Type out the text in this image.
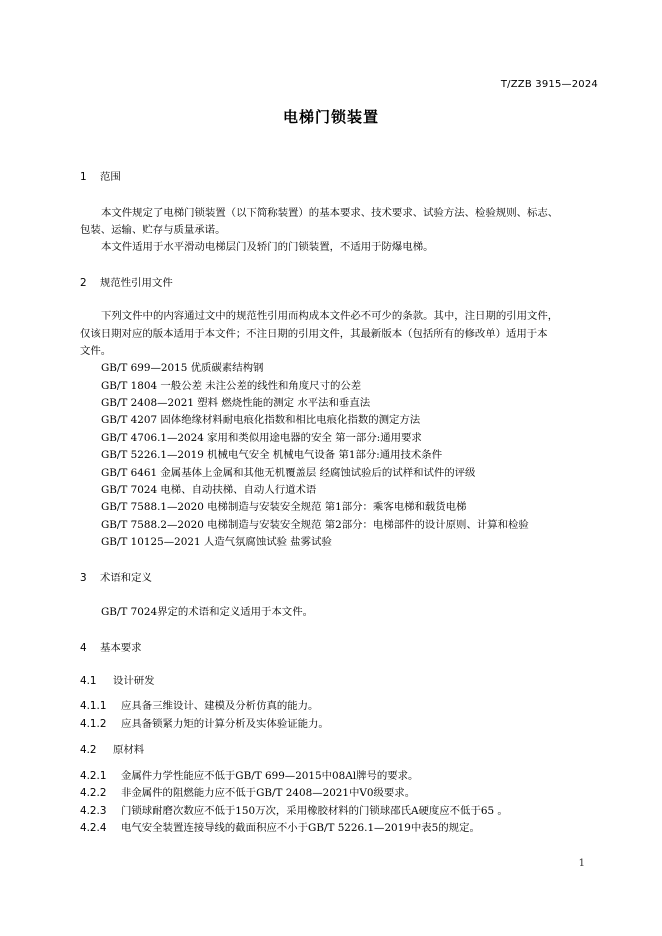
T/ZZB 3915—2024
电梯门锁装置
1 范围
本文件规定了电梯门锁装置（以下简称装置）的基本要求、技术要求、试验方法、检验规则、标志、
包装、运输、贮存与质量承诺。
本文件适用于水平滑动电梯层门及轿门的门锁装置，不适用于防爆电梯。
2 规范性引用文件
下列文件中的内容通过文中的规范性引用而构成本文件必不可少的条款。其中，注日期的引用文件，
仅该日期对应的版本适用于本文件；不注日期的引用文件，其最新版本（包括所有的修改单）适用于本
文件。
GB/T 699—2015 优质碳素结构钢
GB/T 1804 一般公差 未注公差的线性和角度尺寸的公差
GB/T 2408—2021 塑料 燃烧性能的测定 水平法和垂直法
GB/T 4207 固体绝缘材料耐电痕化指数和相比电痕化指数的测定方法
GB/T 4706.1—2024 家用和类似用途电器的安全 第一部分:通用要求
GB/T 5226.1—2019 机械电气安全 机械电气设备 第1部分:通用技术条件
GB/T 6461 金属基体上金属和其他无机覆盖层 经腐蚀试验后的试样和试件的评级
GB/T 7024 电梯、自动扶梯、自动人行道术语
GB/T 7588.1—2020 电梯制造与安装安全规范 第1部分：乘客电梯和载货电梯
GB/T 7588.2—2020 电梯制造与安装安全规范 第2部分：电梯部件的设计原则、计算和检验
GB/T 10125—2021 人造气氛腐蚀试验 盐雾试验
3 术语和定义
GB/T 7024界定的术语和定义适用于本文件。
4 基本要求
4.1 设计研发
4.1.1 应具备三维设计、建模及分析仿真的能力。
4.1.2 应具备锁紧力矩的计算分析及实体验证能力。
4.2 原材料
4.2.1 金属件力学性能应不低于GB/T 699—2015中08Al牌号的要求。
4.2.2 非金属件的阻燃能力应不低于GB/T 2408—2021中V0级要求。
4.2.3 门锁球耐磨次数应不低于150万次，采用橡胶材料的门锁球邵氏A硬度应不低于65 。
4.2.4 电气安全装置连接导线的截面积应不小于GB/T 5226.1—2019中表5的规定。
1
